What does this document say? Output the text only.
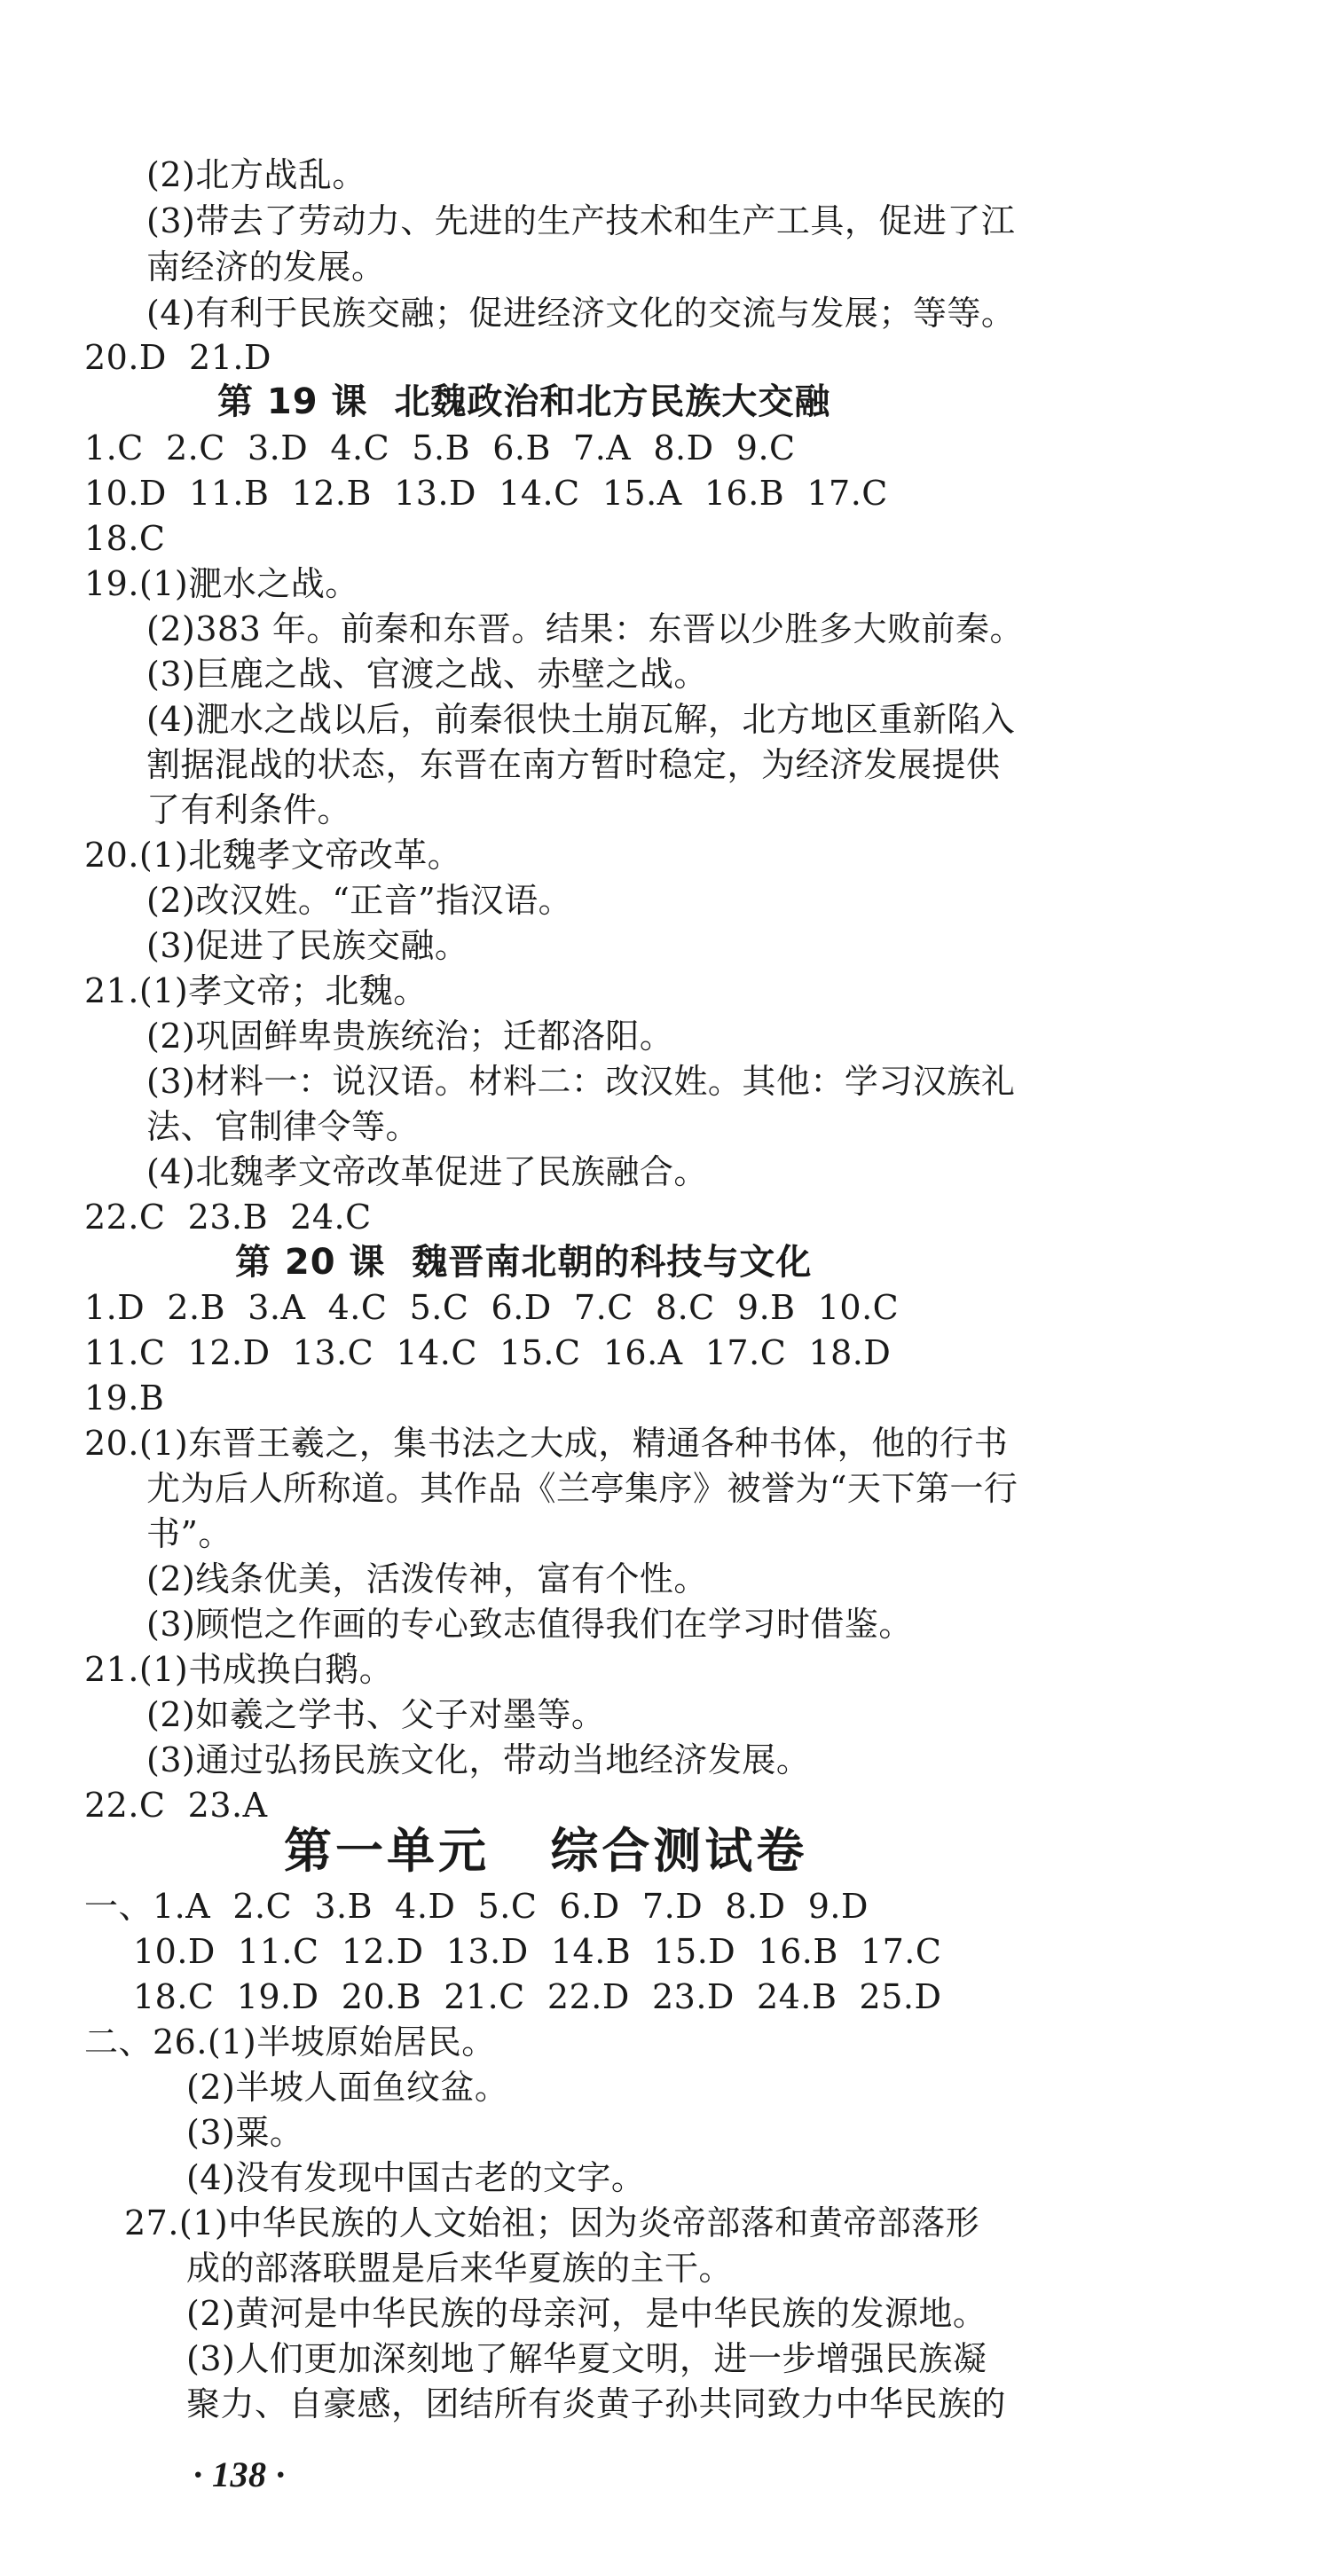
(2)北方战乱。
(3)带去了劳动力、先进的生产技术和生产工具，促进了江
南经济的发展。
(4)有利于民族交融；促进经济文化的交流与发展；等等。
20.D  21.D
第 19 课  北魏政治和北方民族大交融
1.C  2.C  3.D  4.C  5.B  6.B  7.A  8.D  9.C
10.D  11.B  12.B  13.D  14.C  15.A  16.B  17.C
18.C
19.(1)淝水之战。
(2)383 年。前秦和东晋。结果：东晋以少胜多大败前秦。
(3)巨鹿之战、官渡之战、赤壁之战。
(4)淝水之战以后，前秦很快土崩瓦解，北方地区重新陷入
割据混战的状态，东晋在南方暂时稳定，为经济发展提供
了有利条件。
20.(1)北魏孝文帝改革。
(2)改汉姓。“正音”指汉语。
(3)促进了民族交融。
21.(1)孝文帝；北魏。
(2)巩固鲜卑贵族统治；迁都洛阳。
(3)材料一：说汉语。材料二：改汉姓。其他：学习汉族礼
法、官制律令等。
(4)北魏孝文帝改革促进了民族融合。
22.C  23.B  24.C
第 20 课  魏晋南北朝的科技与文化
1.D  2.B  3.A  4.C  5.C  6.D  7.C  8.C  9.B  10.C
11.C  12.D  13.C  14.C  15.C  16.A  17.C  18.D
19.B
20.(1)东晋王羲之，集书法之大成，精通各种书体，他的行书
尤为后人所称道。其作品《兰亭集序》被誉为“天下第一行
书”。
(2)线条优美，活泼传神，富有个性。
(3)顾恺之作画的专心致志值得我们在学习时借鉴。
21.(1)书成换白鹅。
(2)如羲之学书、父子对墨等。
(3)通过弘扬民族文化，带动当地经济发展。
22.C  23.A
第一单元   综合测试卷
一、1.A  2.C  3.B  4.D  5.C  6.D  7.D  8.D  9.D
10.D  11.C  12.D  13.D  14.B  15.D  16.B  17.C
18.C  19.D  20.B  21.C  22.D  23.D  24.B  25.D
二、26.(1)半坡原始居民。
(2)半坡人面鱼纹盆。
(3)粟。
(4)没有发现中国古老的文字。
27.(1)中华民族的人文始祖；因为炎帝部落和黄帝部落形
成的部落联盟是后来华夏族的主干。
(2)黄河是中华民族的母亲河，是中华民族的发源地。
(3)人们更加深刻地了解华夏文明，进一步增强民族凝
聚力、自豪感，团结所有炎黄子孙共同致力中华民族的
· 138 ·
